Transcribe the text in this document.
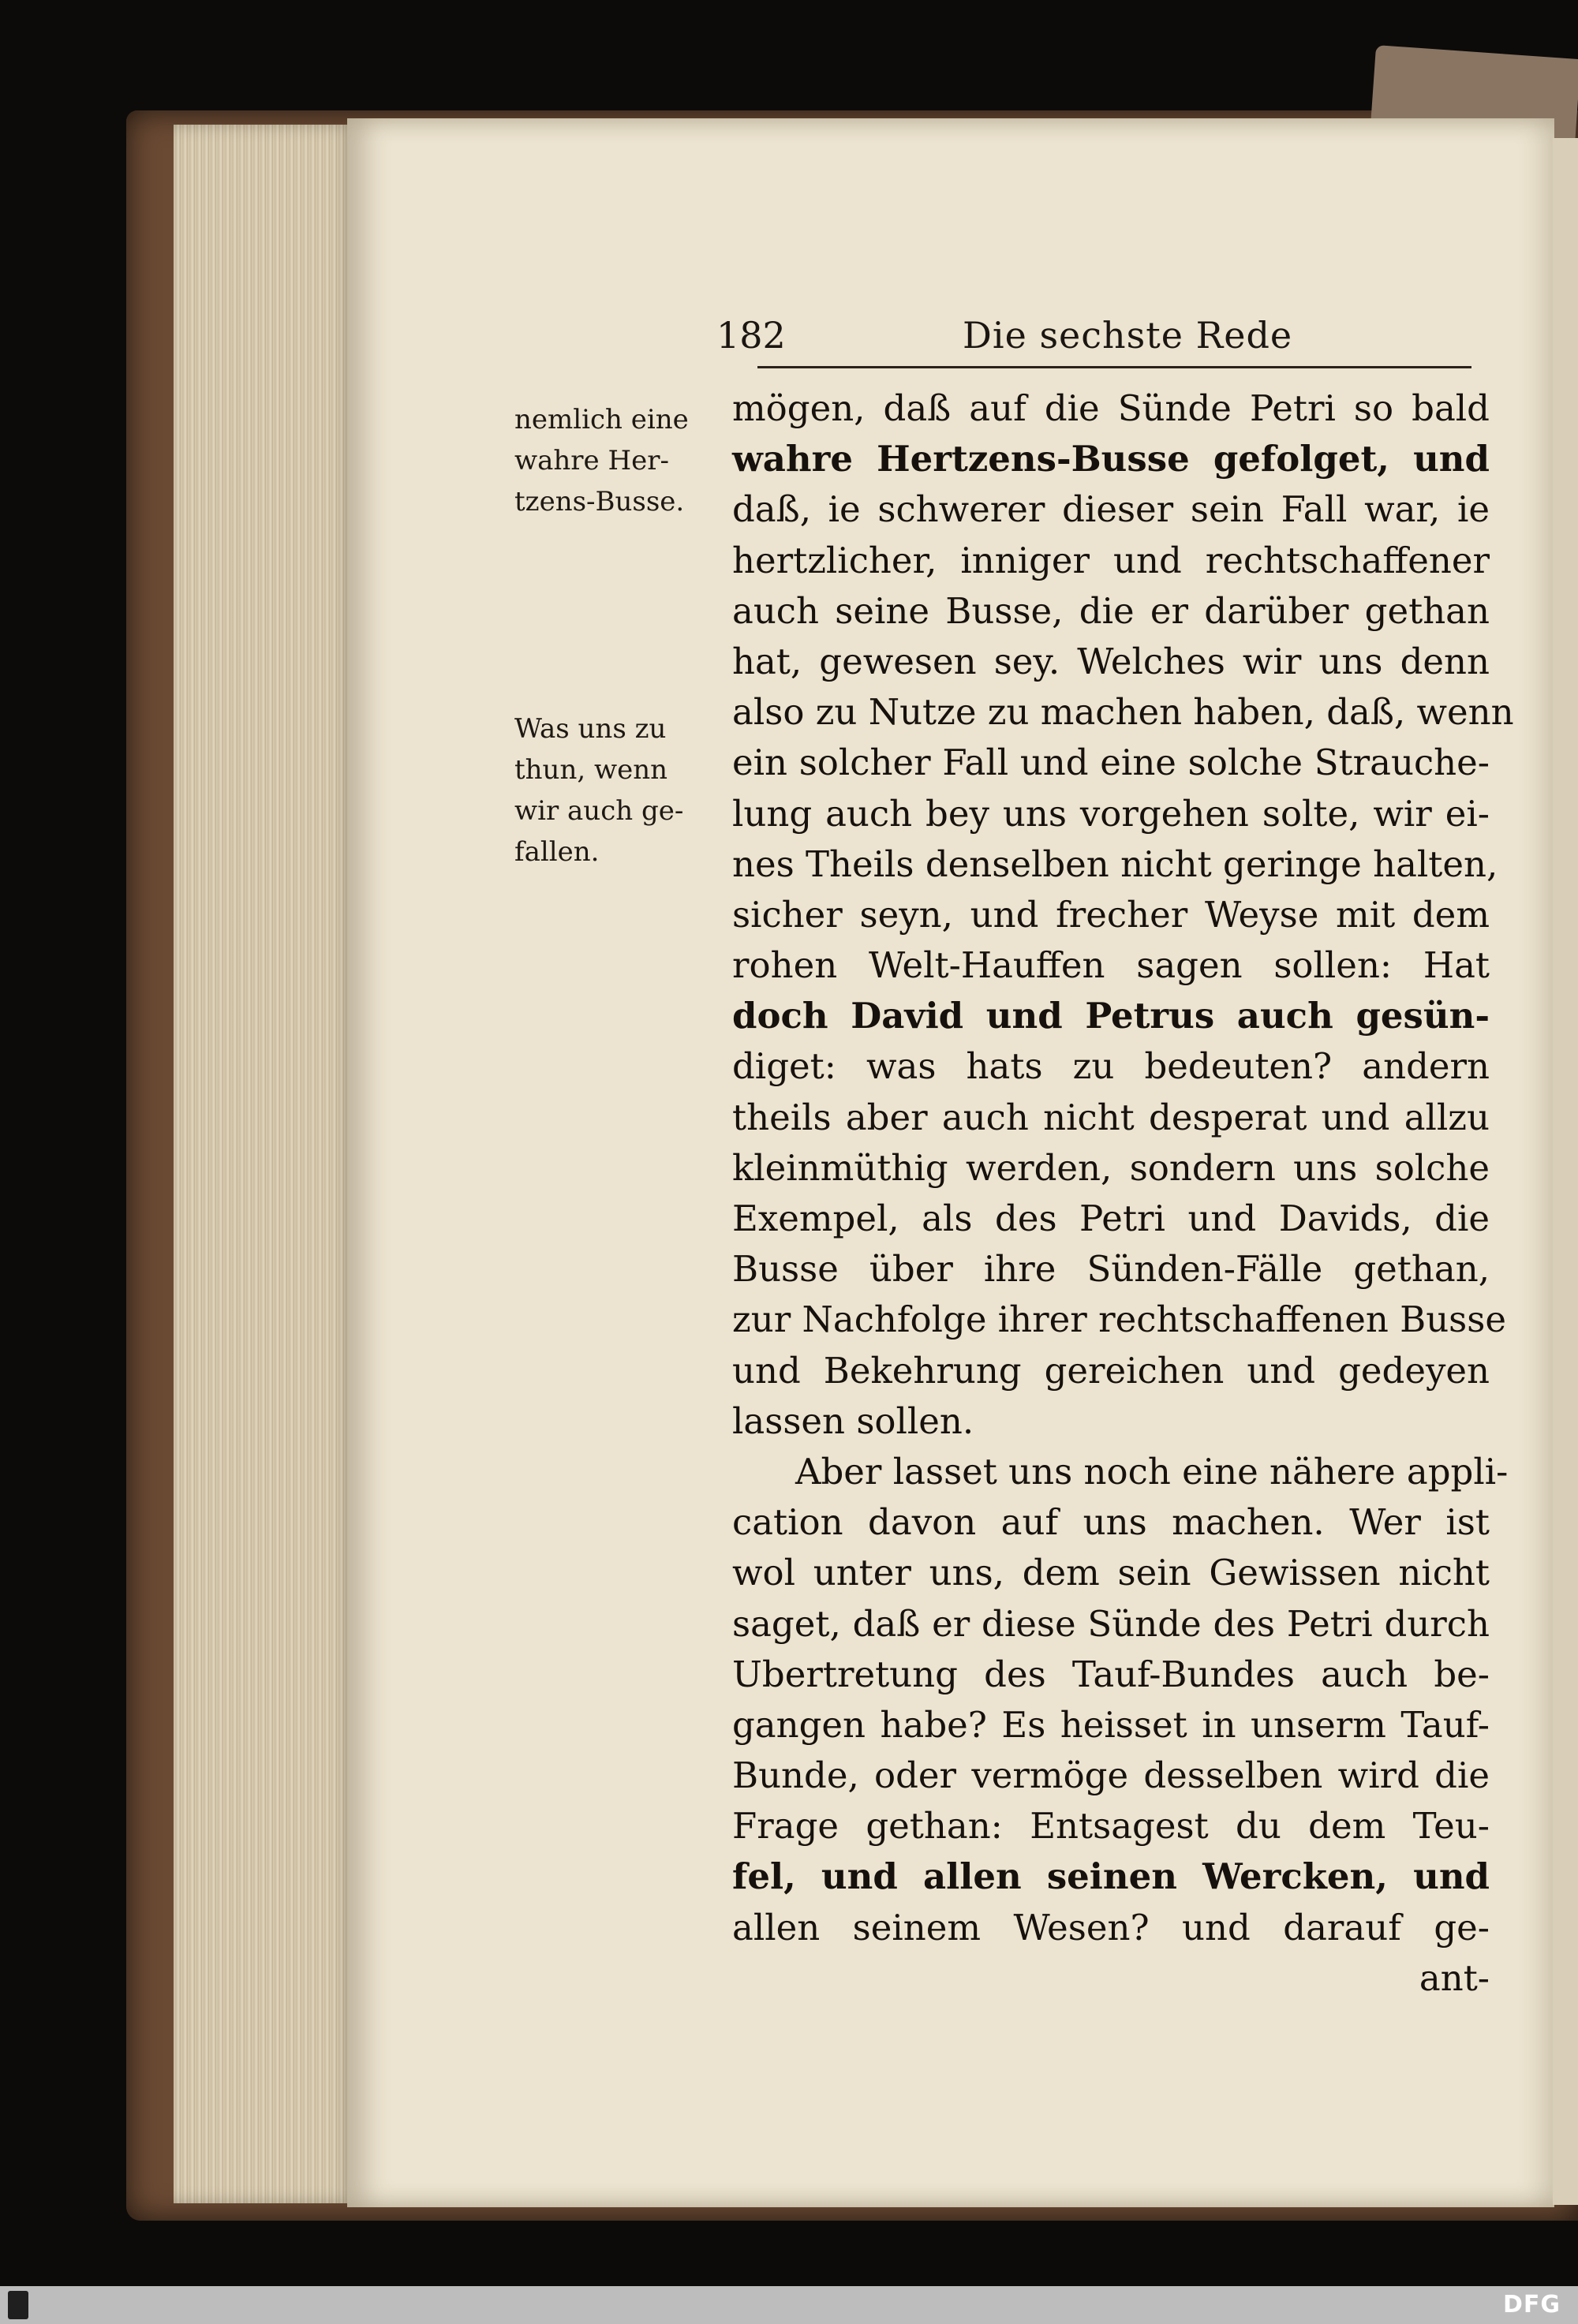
182	Die sechste Rede
nemlich eine
wahre Her-
tzens-Busse.
Was uns zu
thun, wenn
wir auch ge-
fallen.
mögen, daß auf die Sünde Petri so bald
wahre Hertzens-Busse gefolget, und
daß, ie schwerer dieser sein Fall war, ie
hertzlicher, inniger und rechtschaffener
auch seine Busse, die er darüber gethan
hat, gewesen sey. Welches wir uns denn
also zu Nutze zu machen haben, daß, wenn
ein solcher Fall und eine solche Strauche-
lung auch bey uns vorgehen solte, wir ei-
nes Theils denselben nicht geringe halten,
sicher seyn, und frecher Weyse mit dem
rohen Welt-Hauffen sagen sollen: Hat
doch David und Petrus auch gesün-
diget: was hats zu bedeuten? andern
theils aber auch nicht desperat und allzu
kleinmüthig werden, sondern uns solche
Exempel, als des Petri und Davids, die
Busse über ihre Sünden-Fälle gethan,
zur Nachfolge ihrer rechtschaffenen Busse
und Bekehrung gereichen und gedeyen
lassen sollen.
Aber lasset uns noch eine nähere appli-
cation davon auf uns machen. Wer ist
wol unter uns, dem sein Gewissen nicht
saget, daß er diese Sünde des Petri durch
Ubertretung des Tauf-Bundes auch be-
gangen habe? Es heisset in unserm Tauf-
Bunde, oder vermöge desselben wird die
Frage gethan: Entsagest du dem Teu-
fel, und allen seinen Wercken, und
allen seinem Wesen? und darauf ge-
ant-
DFG
